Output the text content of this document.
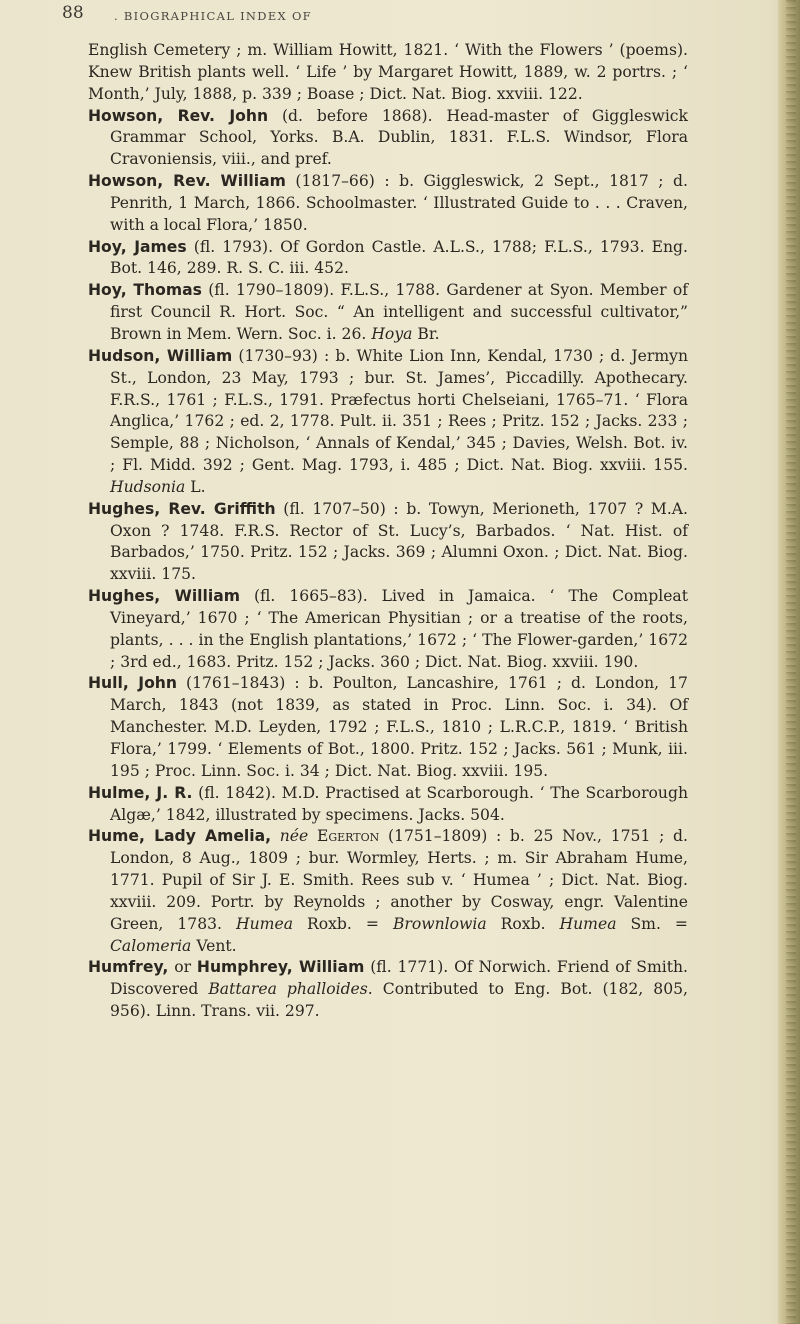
88	. BIOGRAPHICAL INDEX OF

English Cemetery ; m. William Howitt, 1821. ‘ With the Flowers ’ (poems). Knew British plants well. ‘ Life ’ by Margaret Howitt, 1889, w. 2 portrs. ; ‘ Month,’ July, 1888, p. 339 ; Boase ; Dict. Nat. Biog. xxviii. 122.

Howson, Rev. John (d. before 1868). Head-master of Giggleswick Grammar School, Yorks. B.A. Dublin, 1831. F.L.S. Windsor, Flora Cravoniensis, viii., and pref.

Howson, Rev. William (1817–66) : b. Giggleswick, 2 Sept., 1817 ; d. Penrith, 1 March, 1866. Schoolmaster. ‘ Illustrated Guide to . . . Craven, with a local Flora,’ 1850.

Hoy, James (fl. 1793). Of Gordon Castle. A.L.S., 1788; F.L.S., 1793. Eng. Bot. 146, 289. R. S. C. iii. 452.

Hoy, Thomas (fl. 1790–1809). F.L.S., 1788. Gardener at Syon. Member of first Council R. Hort. Soc. “ An intelligent and successful cultivator,” Brown in Mem. Wern. Soc. i. 26. Hoya Br.

Hudson, William (1730–93) : b. White Lion Inn, Kendal, 1730 ; d. Jermyn St., London, 23 May, 1793 ; bur. St. James’, Piccadilly. Apothecary. F.R.S., 1761 ; F.L.S., 1791. Præfectus horti Chelseiani, 1765–71. ‘ Flora Anglica,’ 1762 ; ed. 2, 1778. Pult. ii. 351 ; Rees ; Pritz. 152 ; Jacks. 233 ; Semple, 88 ; Nicholson, ‘ Annals of Kendal,’ 345 ; Davies, Welsh. Bot. iv. ; Fl. Midd. 392 ; Gent. Mag. 1793, i. 485 ; Dict. Nat. Biog. xxviii. 155. Hudsonia L.

Hughes, Rev. Griffith (fl. 1707–50) : b. Towyn, Merioneth, 1707 ? M.A. Oxon ? 1748. F.R.S. Rector of St. Lucy’s, Barbados. ‘ Nat. Hist. of Barbados,’ 1750. Pritz. 152 ; Jacks. 369 ; Alumni Oxon. ; Dict. Nat. Biog. xxviii. 175.

Hughes, William (fl. 1665–83). Lived in Jamaica. ‘ The Compleat Vineyard,’ 1670 ; ‘ The American Physitian ; or a treatise of the roots, plants, . . . in the English plantations,’ 1672 ; ‘ The Flower-garden,’ 1672 ; 3rd ed., 1683. Pritz. 152 ; Jacks. 360 ; Dict. Nat. Biog. xxviii. 190.

Hull, John (1761–1843) : b. Poulton, Lancashire, 1761 ; d. London, 17 March, 1843 (not 1839, as stated in Proc. Linn. Soc. i. 34). Of Manchester. M.D. Leyden, 1792 ; F.L.S., 1810 ; L.R.C.P., 1819. ‘ British Flora,’ 1799. ‘ Elements of Bot., 1800. Pritz. 152 ; Jacks. 561 ; Munk, iii. 195 ; Proc. Linn. Soc. i. 34 ; Dict. Nat. Biog. xxviii. 195.

Hulme, J. R. (fl. 1842). M.D. Practised at Scarborough. ‘ The Scarborough Algæ,’ 1842, illustrated by specimens. Jacks. 504.

Hume, Lady Amelia, née Egerton (1751–1809) : b. 25 Nov., 1751 ; d. London, 8 Aug., 1809 ; bur. Wormley, Herts. ; m. Sir Abraham Hume, 1771. Pupil of Sir J. E. Smith. Rees sub v. ‘ Humea ’ ; Dict. Nat. Biog. xxviii. 209. Portr. by Reynolds ; another by Cosway, engr. Valentine Green, 1783. Humea Roxb. = Brownlowia Roxb. Humea Sm. = Calomeria Vent.

Humfrey, or Humphrey, William (fl. 1771). Of Norwich. Friend of Smith. Discovered Battarea phalloides. Contributed to Eng. Bot. (182, 805, 956). Linn. Trans. vii. 297.
